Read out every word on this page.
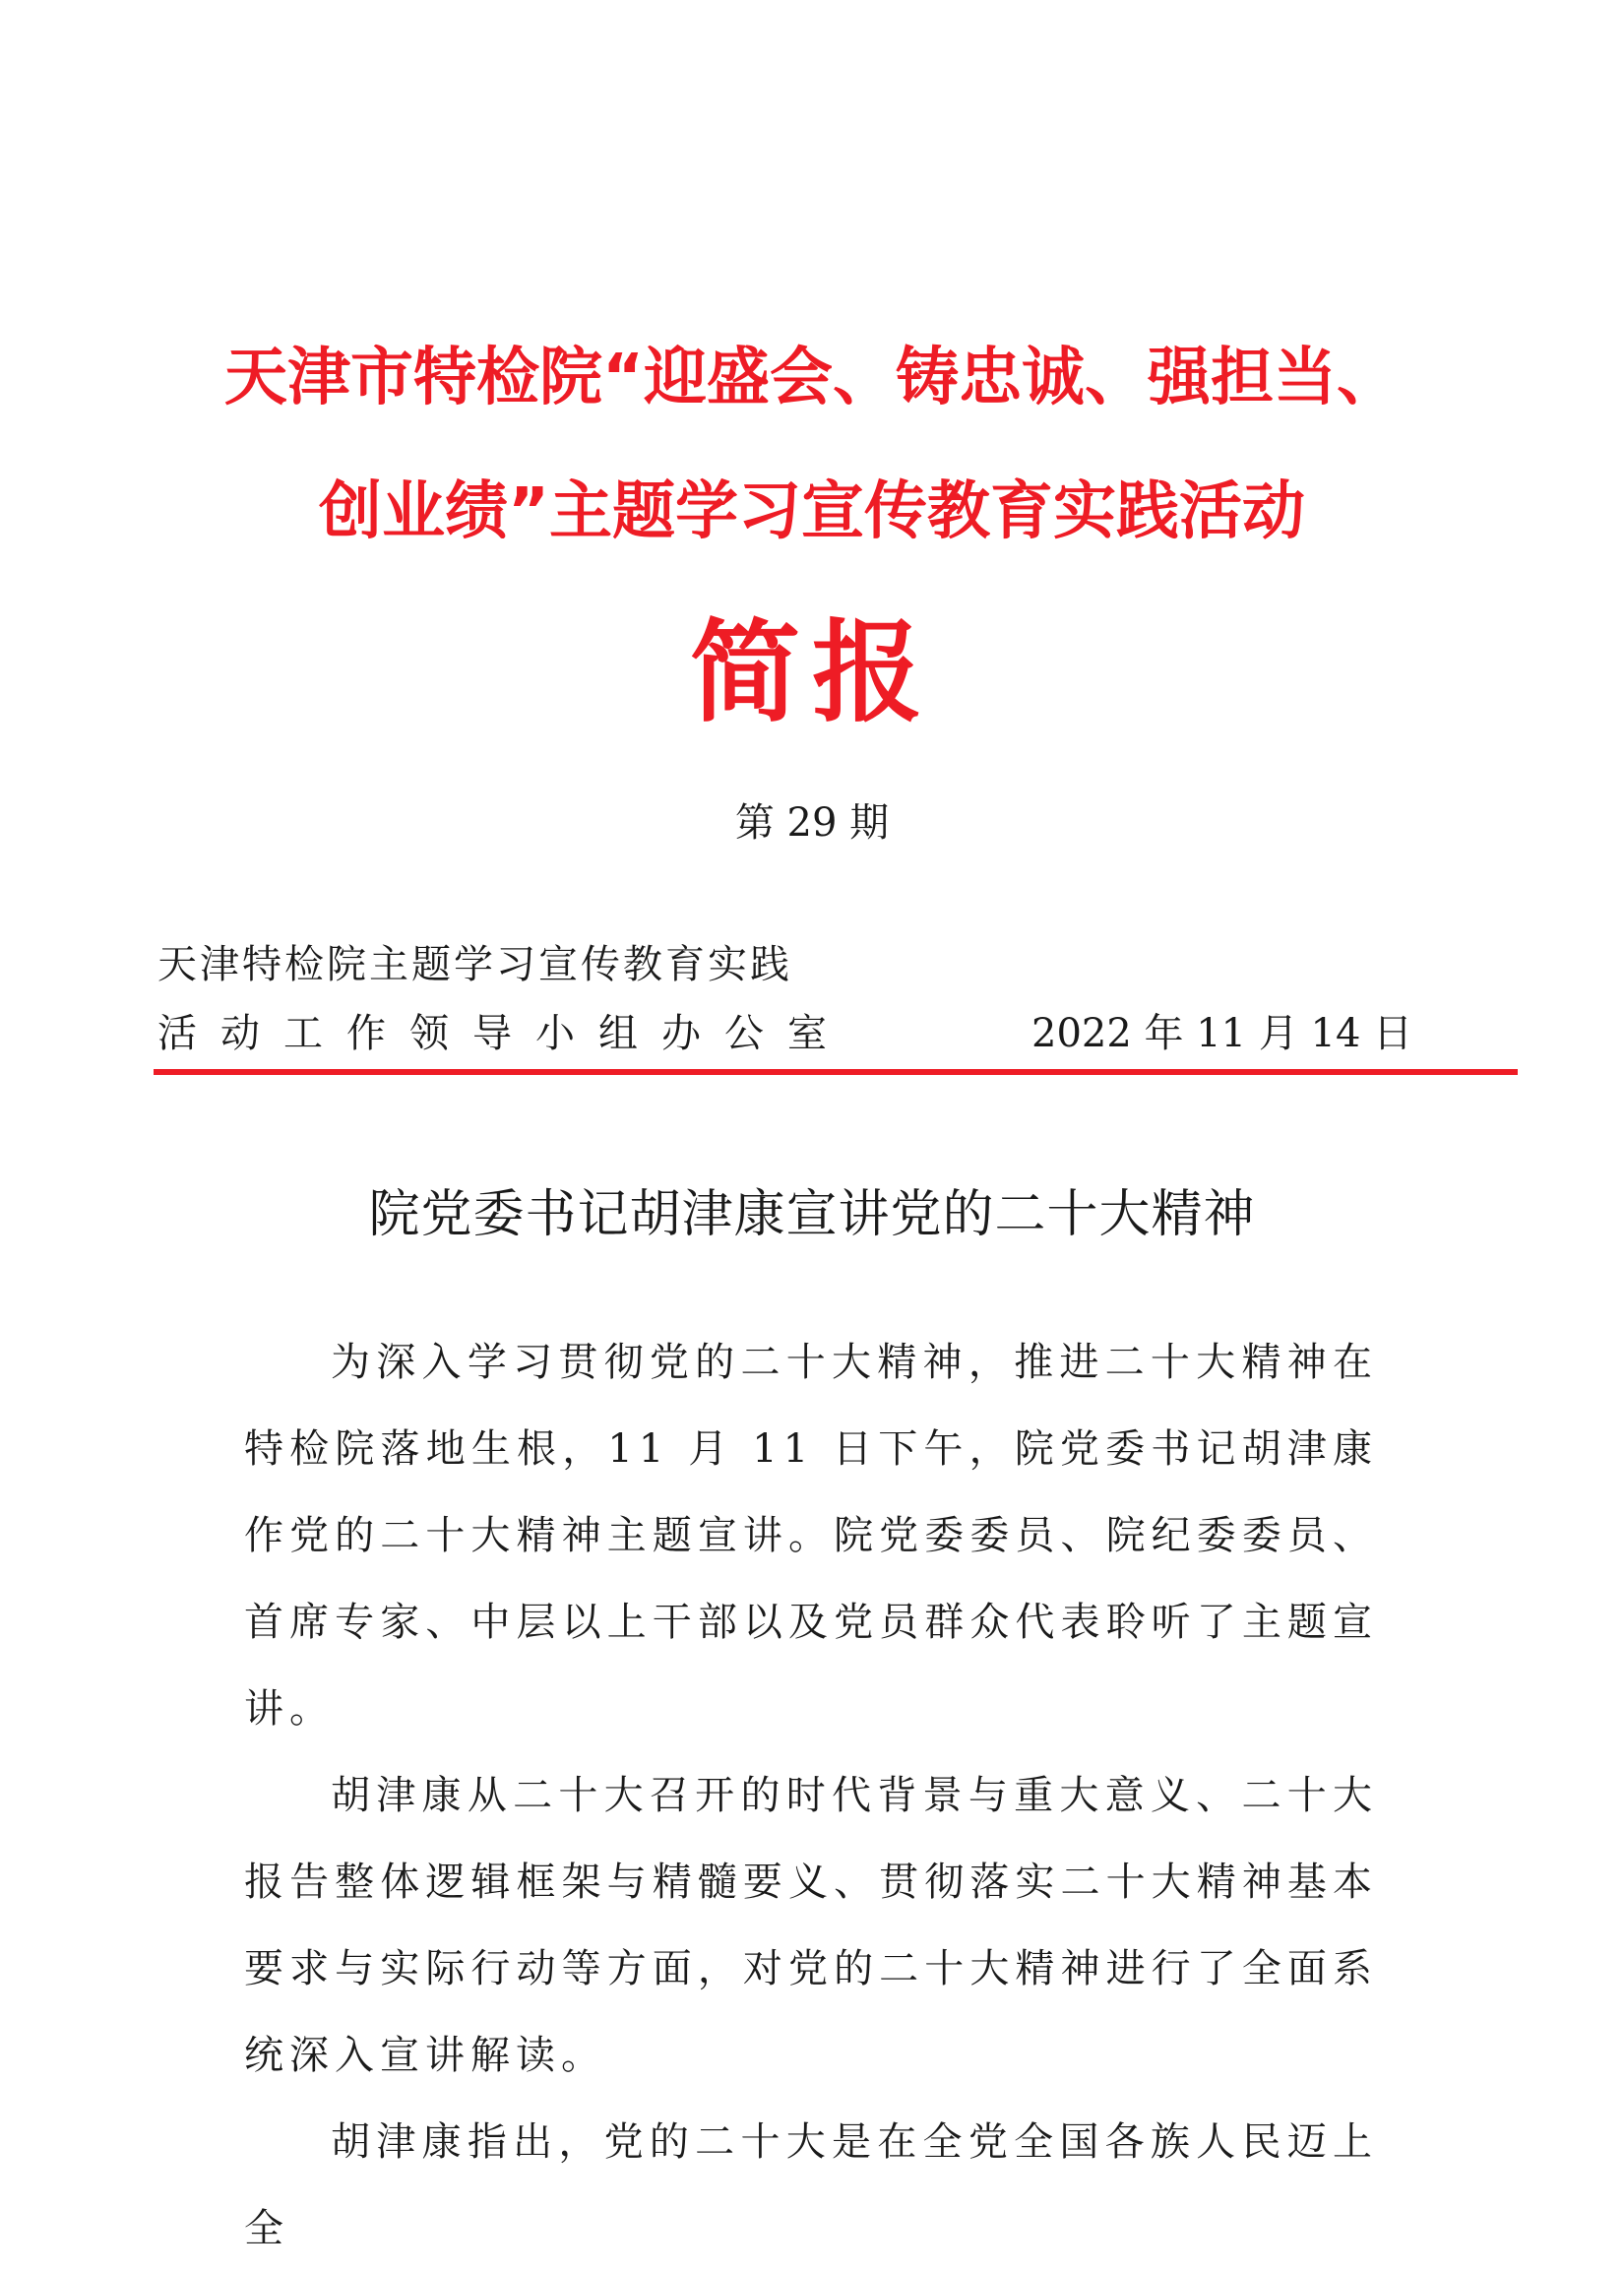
天津市特检院“迎盛会、铸忠诚、强担当、
创业绩”主题学习宣传教育实践活动
简报
第 29 期
天津特检院主题学习宣传教育实践
活动工作领导小组办公室	2022 年 11 月 14 日
院党委书记胡津康宣讲党的二十大精神

为深入学习贯彻党的二十大精神，推进二十大精神在特检院落地生根，11 月 11 日下午，院党委书记胡津康作党的二十大精神主题宣讲。院党委委员、院纪委委员、首席专家、中层以上干部以及党员群众代表聆听了主题宣讲。

胡津康从二十大召开的时代背景与重大意义、二十大报告整体逻辑框架与精髓要义、贯彻落实二十大精神基本要求与实际行动等方面，对党的二十大精神进行了全面系统深入宣讲解读。

胡津康指出，党的二十大是在全党全国各族人民迈上全
